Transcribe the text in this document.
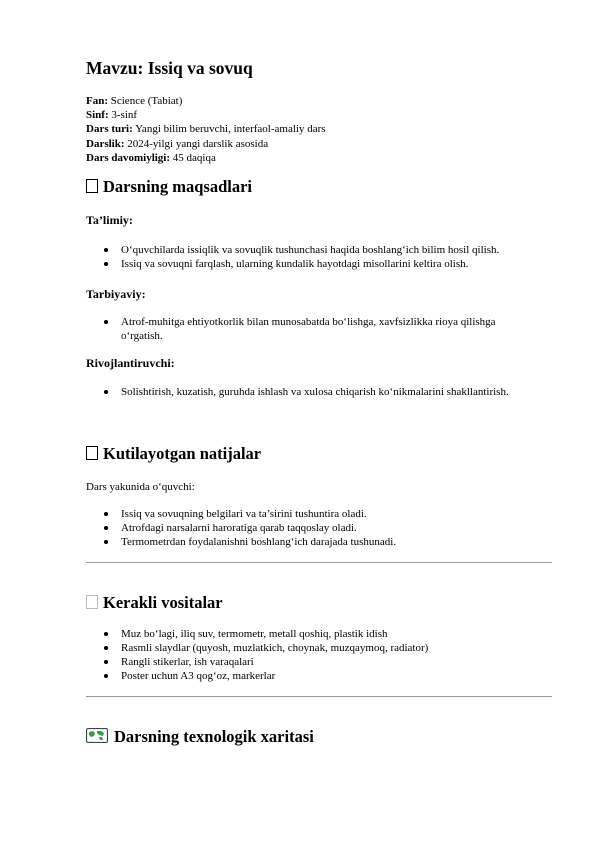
Mavzu: Issiq va sovuq
Fan: Science (Tabiat)
Sinf: 3-sinf
Dars turi: Yangi bilim beruvchi, interfaol-amaliy dars
Darslik: 2024-yilgi yangi darslik asosida
Dars davomiyligi: 45 daqiqa
Darsning maqsadlari
Ta’limiy:
O‘quvchilarda issiqlik va sovuqlik tushunchasi haqida boshlang‘ich bilim hosil qilish.
Issiq va sovuqni farqlash, ularning kundalik hayotdagi misollarini keltira olish.
Tarbiyaviy:
Atrof-muhitga ehtiyotkorlik bilan munosabatda bo‘lishga, xavfsizlikka rioya qilishga o‘rgatish.
Rivojlantiruvchi:
Solishtirish, kuzatish, guruhda ishlash va xulosa chiqarish ko‘nikmalarini shakllantirish.
Kutilayotgan natijalar

Dars yakunida o‘quvchi:

Issiq va sovuqning belgilari va ta’sirini tushuntira oladi.
Atrofdagi narsalarni haroratiga qarab taqqoslay oladi.
Termometrdan foydalanishni boshlang‘ich darajada tushunadi.
Kerakli vositalar
Muz bo‘lagi, iliq suv, termometr, metall qoshiq, plastik idish
Rasmli slaydlar (quyosh, muzlatkich, choynak, muzqaymoq, radiator)
Rangli stikerlar, ish varaqalari
Poster uchun A3 qog‘oz, markerlar
Darsning texnologik xaritasi
